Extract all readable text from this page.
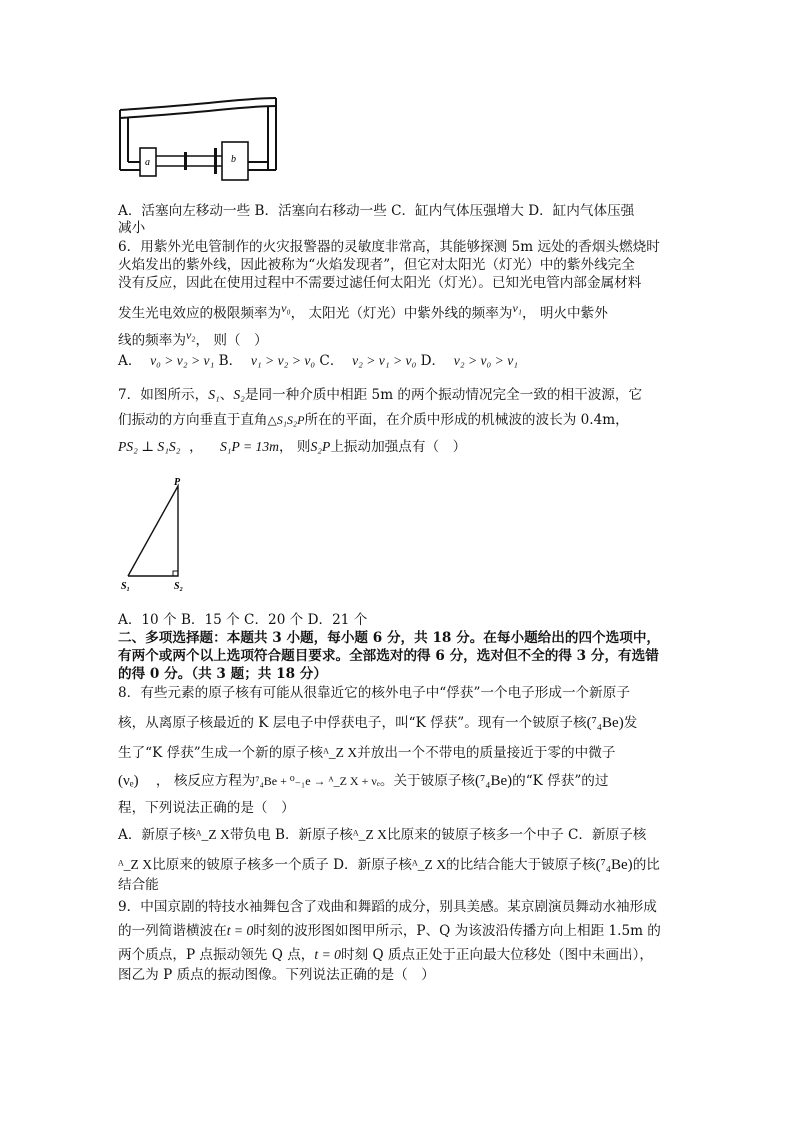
a	b
A．活塞向左移动一些 B．活塞向右移动一些 C．缸内气体压强增大 D．缸内气体压强
减小
6．用紫外光电管制作的火灾报警器的灵敏度非常高，其能够探测 5m 远处的香烟头燃烧时
火焰发出的紫外线，因此被称为“火焰发现者”，但它对太阳光（灯光）中的紫外线完全
没有反应，因此在使用过程中不需要过滤任何太阳光（灯光）。已知光电管内部金属材料
发生光电效应的极限频率为$^{\nu_0}$， 太阳光（灯光）中紫外线的频率为$^{\nu_1}$， 明火中紫外
线的频率为$^{\nu_2}$， 则（　）
A． ν₀ > ν₂ > ν₁ B． ν₁ > ν₂ > ν₀ C． ν₂ > ν₁ > ν₀ D． ν₂ > ν₀ > ν₁
7．如图所示，S₁、S₂是同一种介质中相距 5m 的两个振动情况完全一致的相干波源，它
们振动的方向垂直于直角△S₁S₂P所在的平面，在介质中形成的机械波的波长为 0.4m，
PS₂ ⊥ S₁S₂ ， S₁P = 13m， 则S₂P上振动加强点有（　）
P
S₁	S₂
A．10 个 B．15 个 C．20 个 D．21 个
二、多项选择题：本题共 3 小题，每小题 6 分，共 18 分。在每小题给出的四个选项中，
有两个或两个以上选项符合题目要求。全部选对的得 6 分，选对但不全的得 3 分，有选错
的得 0 分。（共 3 题；共 18 分）
8．有些元素的原子核有可能从很靠近它的核外电子中“俘获”一个电子形成一个新原子
核，从离原子核最近的 K 层电子中俘获电子，叫“K 俘获”。现有一个铍原子核(⁷₄Be)发
生了“K 俘获”生成一个新的原子核ᴬ_Z X并放出一个不带电的质量接近于零的中微子
(νₑ) ， 核反应方程为⁷₄Be + ⁰₋₁e → ᴬ_Z X + νₑ。关于铍原子核(⁷₄Be)的“K 俘获”的过
程，下列说法正确的是（　）
A．新原子核ᴬ_Z X带负电 B．新原子核ᴬ_Z X比原来的铍原子核多一个中子 C．新原子核
ᴬ_Z X比原来的铍原子核多一个质子 D．新原子核ᴬ_Z X的比结合能大于铍原子核(⁷₄Be)的比
结合能
9．中国京剧的特技水袖舞包含了戏曲和舞蹈的成分，别具美感。某京剧演员舞动水袖形成
的一列简谐横波在t = 0时刻的波形图如图甲所示，P、Q 为该波沿传播方向上相距 1.5m 的
两个质点，P 点振动领先 Q 点，t = 0时刻 Q 质点正处于正向最大位移处（图中未画出），
图乙为 P 质点的振动图像。下列说法正确的是（　）
